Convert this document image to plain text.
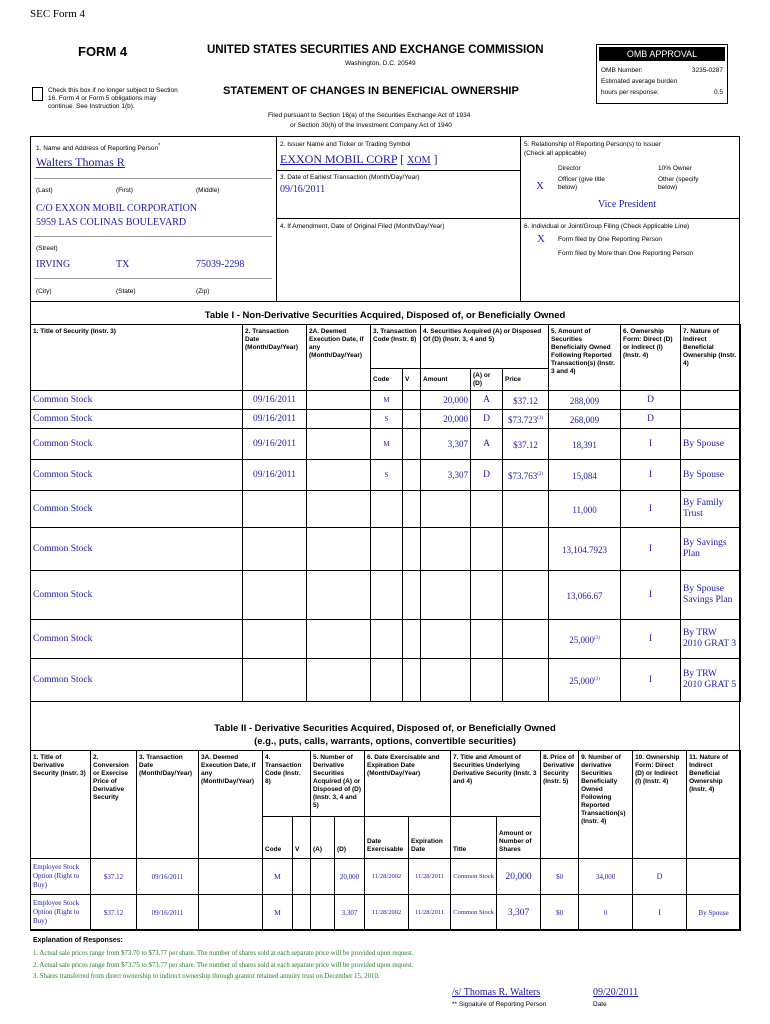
SEC Form 4
FORM 4	UNITED STATES SECURITIES AND EXCHANGE COMMISSION
Washington, D.C. 20549
STATEMENT OF CHANGES IN BENEFICIAL OWNERSHIP
Check this box if no longer subject to Section 16. Form 4 or Form 5 obligations may continue. See Instruction 1(b).
Filed pursuant to Section 16(a) of the Securities Exchange Act of 1934
or Section 30(h) of the Investment Company Act of 1940
OMB APPROVAL
OMB Number:	3235-0287
Estimated average burden
hours per response:	0.5
1. Name and Address of Reporting Person*
Walters Thomas R
(Last)	(First)	(Middle)
C/O EXXON MOBIL CORPORATION
5959 LAS COLINAS BOULEVARD
(Street)
IRVING	TX	75039-2298
(City)	(State)	(Zip)
2. Issuer Name and Ticker or Trading Symbol
EXXON MOBIL CORP [ XOM ]
3. Date of Earliest Transaction (Month/Day/Year)
09/16/2011
4. If Amendment, Date of Original Filed (Month/Day/Year)
5. Relationship of Reporting Person(s) to Issuer
(Check all applicable)
Director	10% Owner
X
Officer (give title below)
Other (specify below)
Vice President
6. Individual or Joint/Group Filing (Check Applicable Line)
X Form filed by One Reporting Person
Form filed by More than One Reporting Person
Table I - Non-Derivative Securities Acquired, Disposed of, or Beneficially Owned
1. Title of Security (Instr. 3)	2. Transaction Date (Month/Day/Year)	2A. Deemed Execution Date, if any (Month/Day/Year)	3. Transaction Code (Instr. 8)		4. Securities Acquired (A) or Disposed Of (D) (Instr. 3, 4 and 5)			5. Amount of Securities Beneficially Owned Following Reported Transaction(s) (Instr. 3 and 4)	6. Ownership Form: Direct (D) or Indirect (I) (Instr. 4)	7. Nature of Indirect Beneficial Ownership (Instr. 4)
			Code	V	Amount	(A) or (D)	Price			
Common Stock	09/16/2011		M		20,000	A	$37.12	288,009	D	
Common Stock	09/16/2011		S		20,000	D	$73.723$^{(1)}$	268,009	D	
Common Stock	09/16/2011		M		3,307	A	$37.12	18,391	I	By Spouse
Common Stock	09/16/2011		S		3,307	D	$73.763$^{(2)}$	15,084	I	By Spouse
Common Stock								11,000	I	By Family Trust
Common Stock								13,104.7923	I	By Savings Plan
Common Stock								13,066.67	I	By Spouse Savings Plan
Common Stock								25,000$^{(3)}$	I	By TRW 2010 GRAT 3
Common Stock								25,000$^{(3)}$	I	By TRW 2010 GRAT 5
Table II - Derivative Securities Acquired, Disposed of, or Beneficially Owned
(e.g., puts, calls, warrants, options, convertible securities)
1. Title of Derivative Security (Instr. 3)	2. Conversion or Exercise Price of Derivative Security	3. Transaction Date (Month/Day/Year)	3A. Deemed Execution Date, if any (Month/Day/Year)	4. Transaction Code (Instr. 8)		5. Number of Derivative Securities Acquired (A) or Disposed of (D) (Instr. 3, 4 and 5)		6. Date Exercisable and Expiration Date (Month/Day/Year)		7. Title and Amount of Securities Underlying Derivative Security (Instr. 3 and 4)		8. Price of Derivative Security (Instr. 5)	9. Number of derivative Securities Beneficially Owned Following Reported Transaction(s) (Instr. 4)	10. Ownership Form: Direct (D) or Indirect (I) (Instr. 4)	11. Nature of Indirect Beneficial Ownership (Instr. 4)
				Code	V	(A)	(D)	Date Exercisable	Expiration Date	Title	Amount or Number of Shares				
Employee Stock Option (Right to Buy)	$37.12	09/16/2011		M			20,000	11/28/2002	11/28/2011	Common Stock	20,000	$0	34,000	D	
Employee Stock Option (Right to Buy)	$37.12	09/16/2011		M			3,307	11/28/2002	11/28/2011	Common Stock	3,307	$0	0	I	By Spouse
Explanation of Responses:
1. Actual sale prices range from $73.70 to $73.77 per share. The number of shares sold at each separate price will be provided upon request.
2. Actual sale prices range from $73.75 to $73.77 per share. The number of shares sold at each separate price will be provided upon request.
3. Shares transferred from direct ownership to indirect ownership through grantor retained annuity trust on December 15, 2010.
/s/ Thomas R. Walters
** Signature of Reporting Person
09/20/2011
Date
